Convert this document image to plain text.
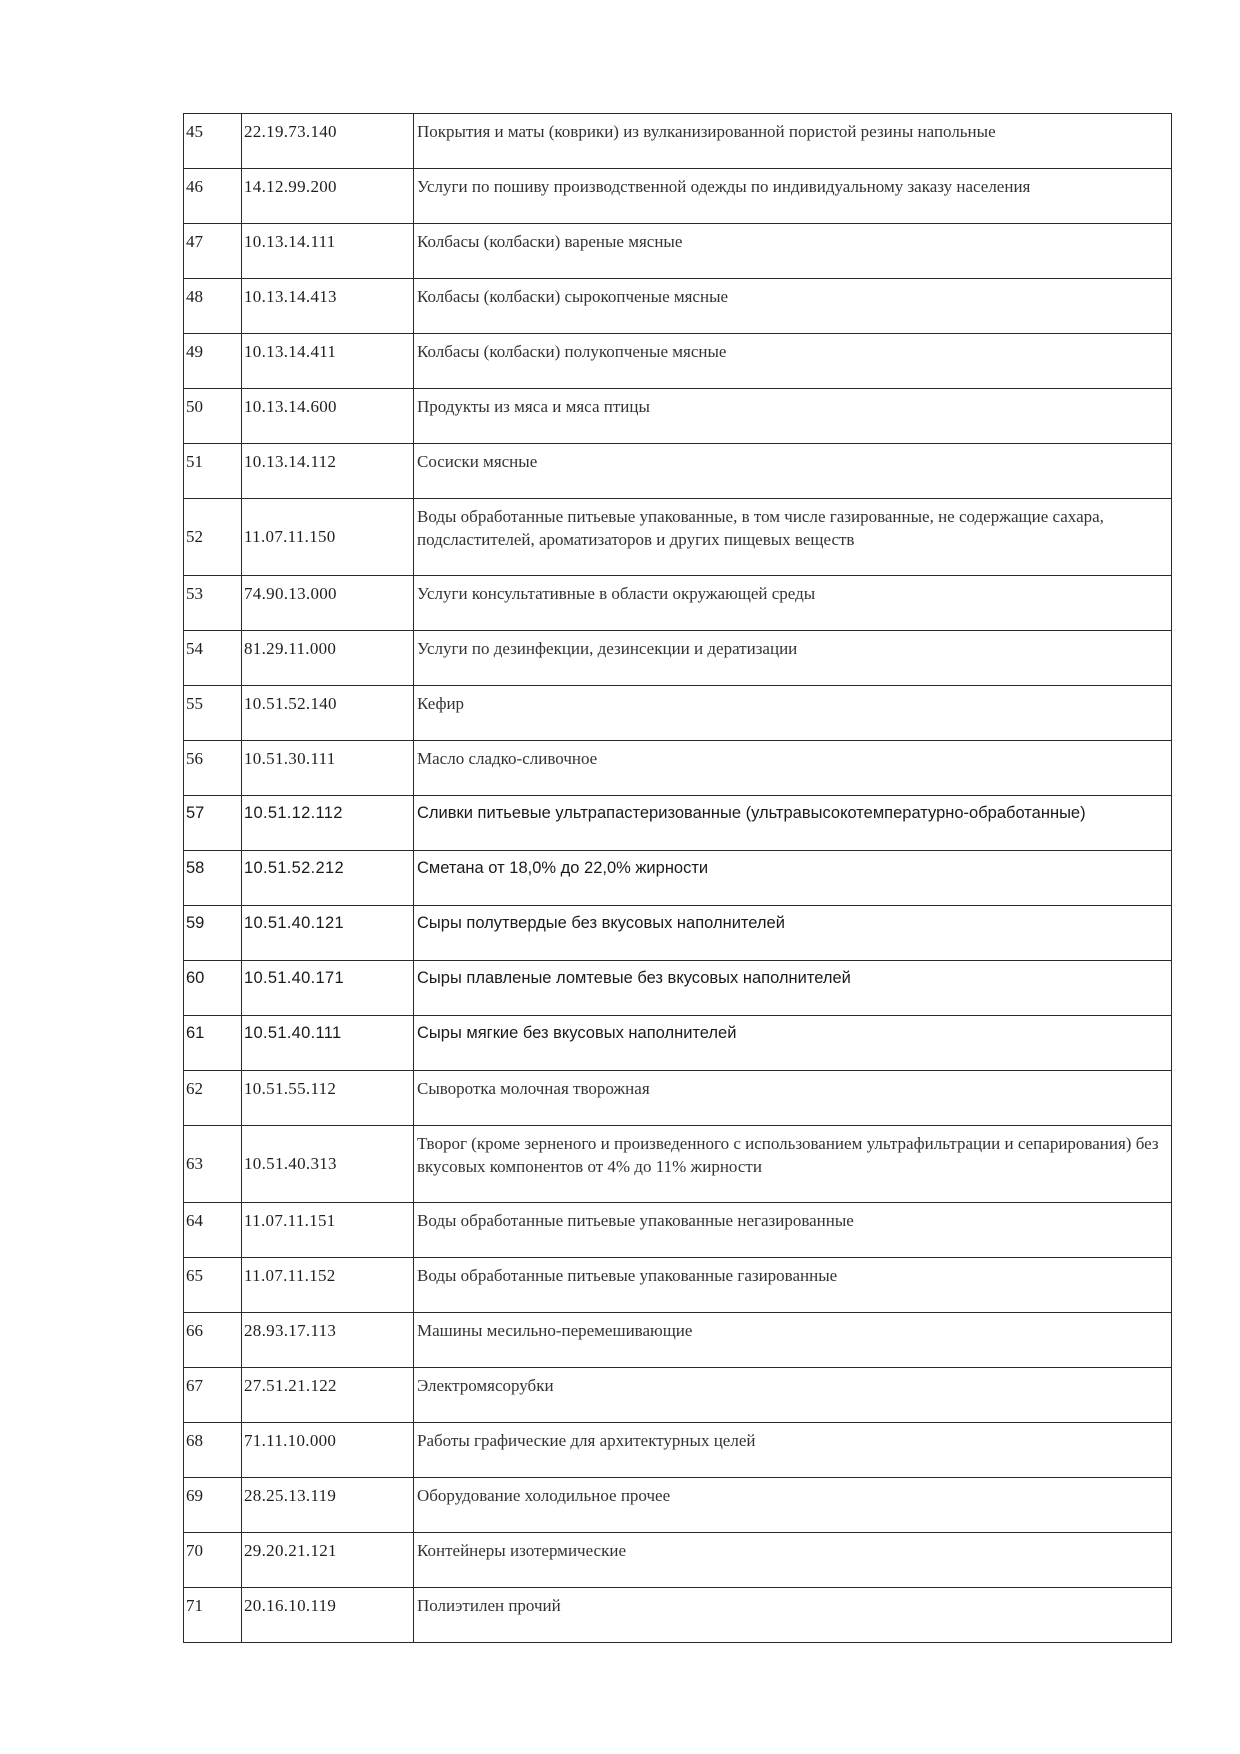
45	22.19.73.140	Покрытия и маты (коврики) из вулканизированной пористой резины напольные
46	14.12.99.200	Услуги по пошиву производственной одежды по индивидуальному заказу населения
47	10.13.14.111	Колбасы (колбаски) вареные мясные
48	10.13.14.413	Колбасы (колбаски) сырокопченые мясные
49	10.13.14.411	Колбасы (колбаски) полукопченые мясные
50	10.13.14.600	Продукты из мяса и мяса птицы
51	10.13.14.112	Сосиски мясные
52	11.07.11.150	Воды обработанные питьевые упакованные, в том числе газированные, не содержащие сахара, подсластителей, ароматизаторов и других пищевых веществ
53	74.90.13.000	Услуги консультативные в области окружающей среды
54	81.29.11.000	Услуги по дезинфекции, дезинсекции и дератизации
55	10.51.52.140	Кефир
56	10.51.30.111	Масло сладко-сливочное
57	10.51.12.112	Сливки питьевые ультрапастеризованные (ультравысокотемпературно-обработанные)
58	10.51.52.212	Сметана от 18,0% до 22,0% жирности
59	10.51.40.121	Сыры полутвердые без вкусовых наполнителей
60	10.51.40.171	Сыры плавленые ломтевые без вкусовых наполнителей
61	10.51.40.111	Сыры мягкие без вкусовых наполнителей
62	10.51.55.112	Сыворотка молочная творожная
63	10.51.40.313	Творог (кроме зерненого и произведенного с использованием ультрафильтрации и сепарирования) без вкусовых компонентов от 4% до 11% жирности
64	11.07.11.151	Воды обработанные питьевые упакованные негазированные
65	11.07.11.152	Воды обработанные питьевые упакованные газированные
66	28.93.17.113	Машины месильно-перемешивающие
67	27.51.21.122	Электромясорубки
68	71.11.10.000	Работы графические для архитектурных целей
69	28.25.13.119	Оборудование холодильное прочее
70	29.20.21.121	Контейнеры изотермические
71	20.16.10.119	Полиэтилен прочий
